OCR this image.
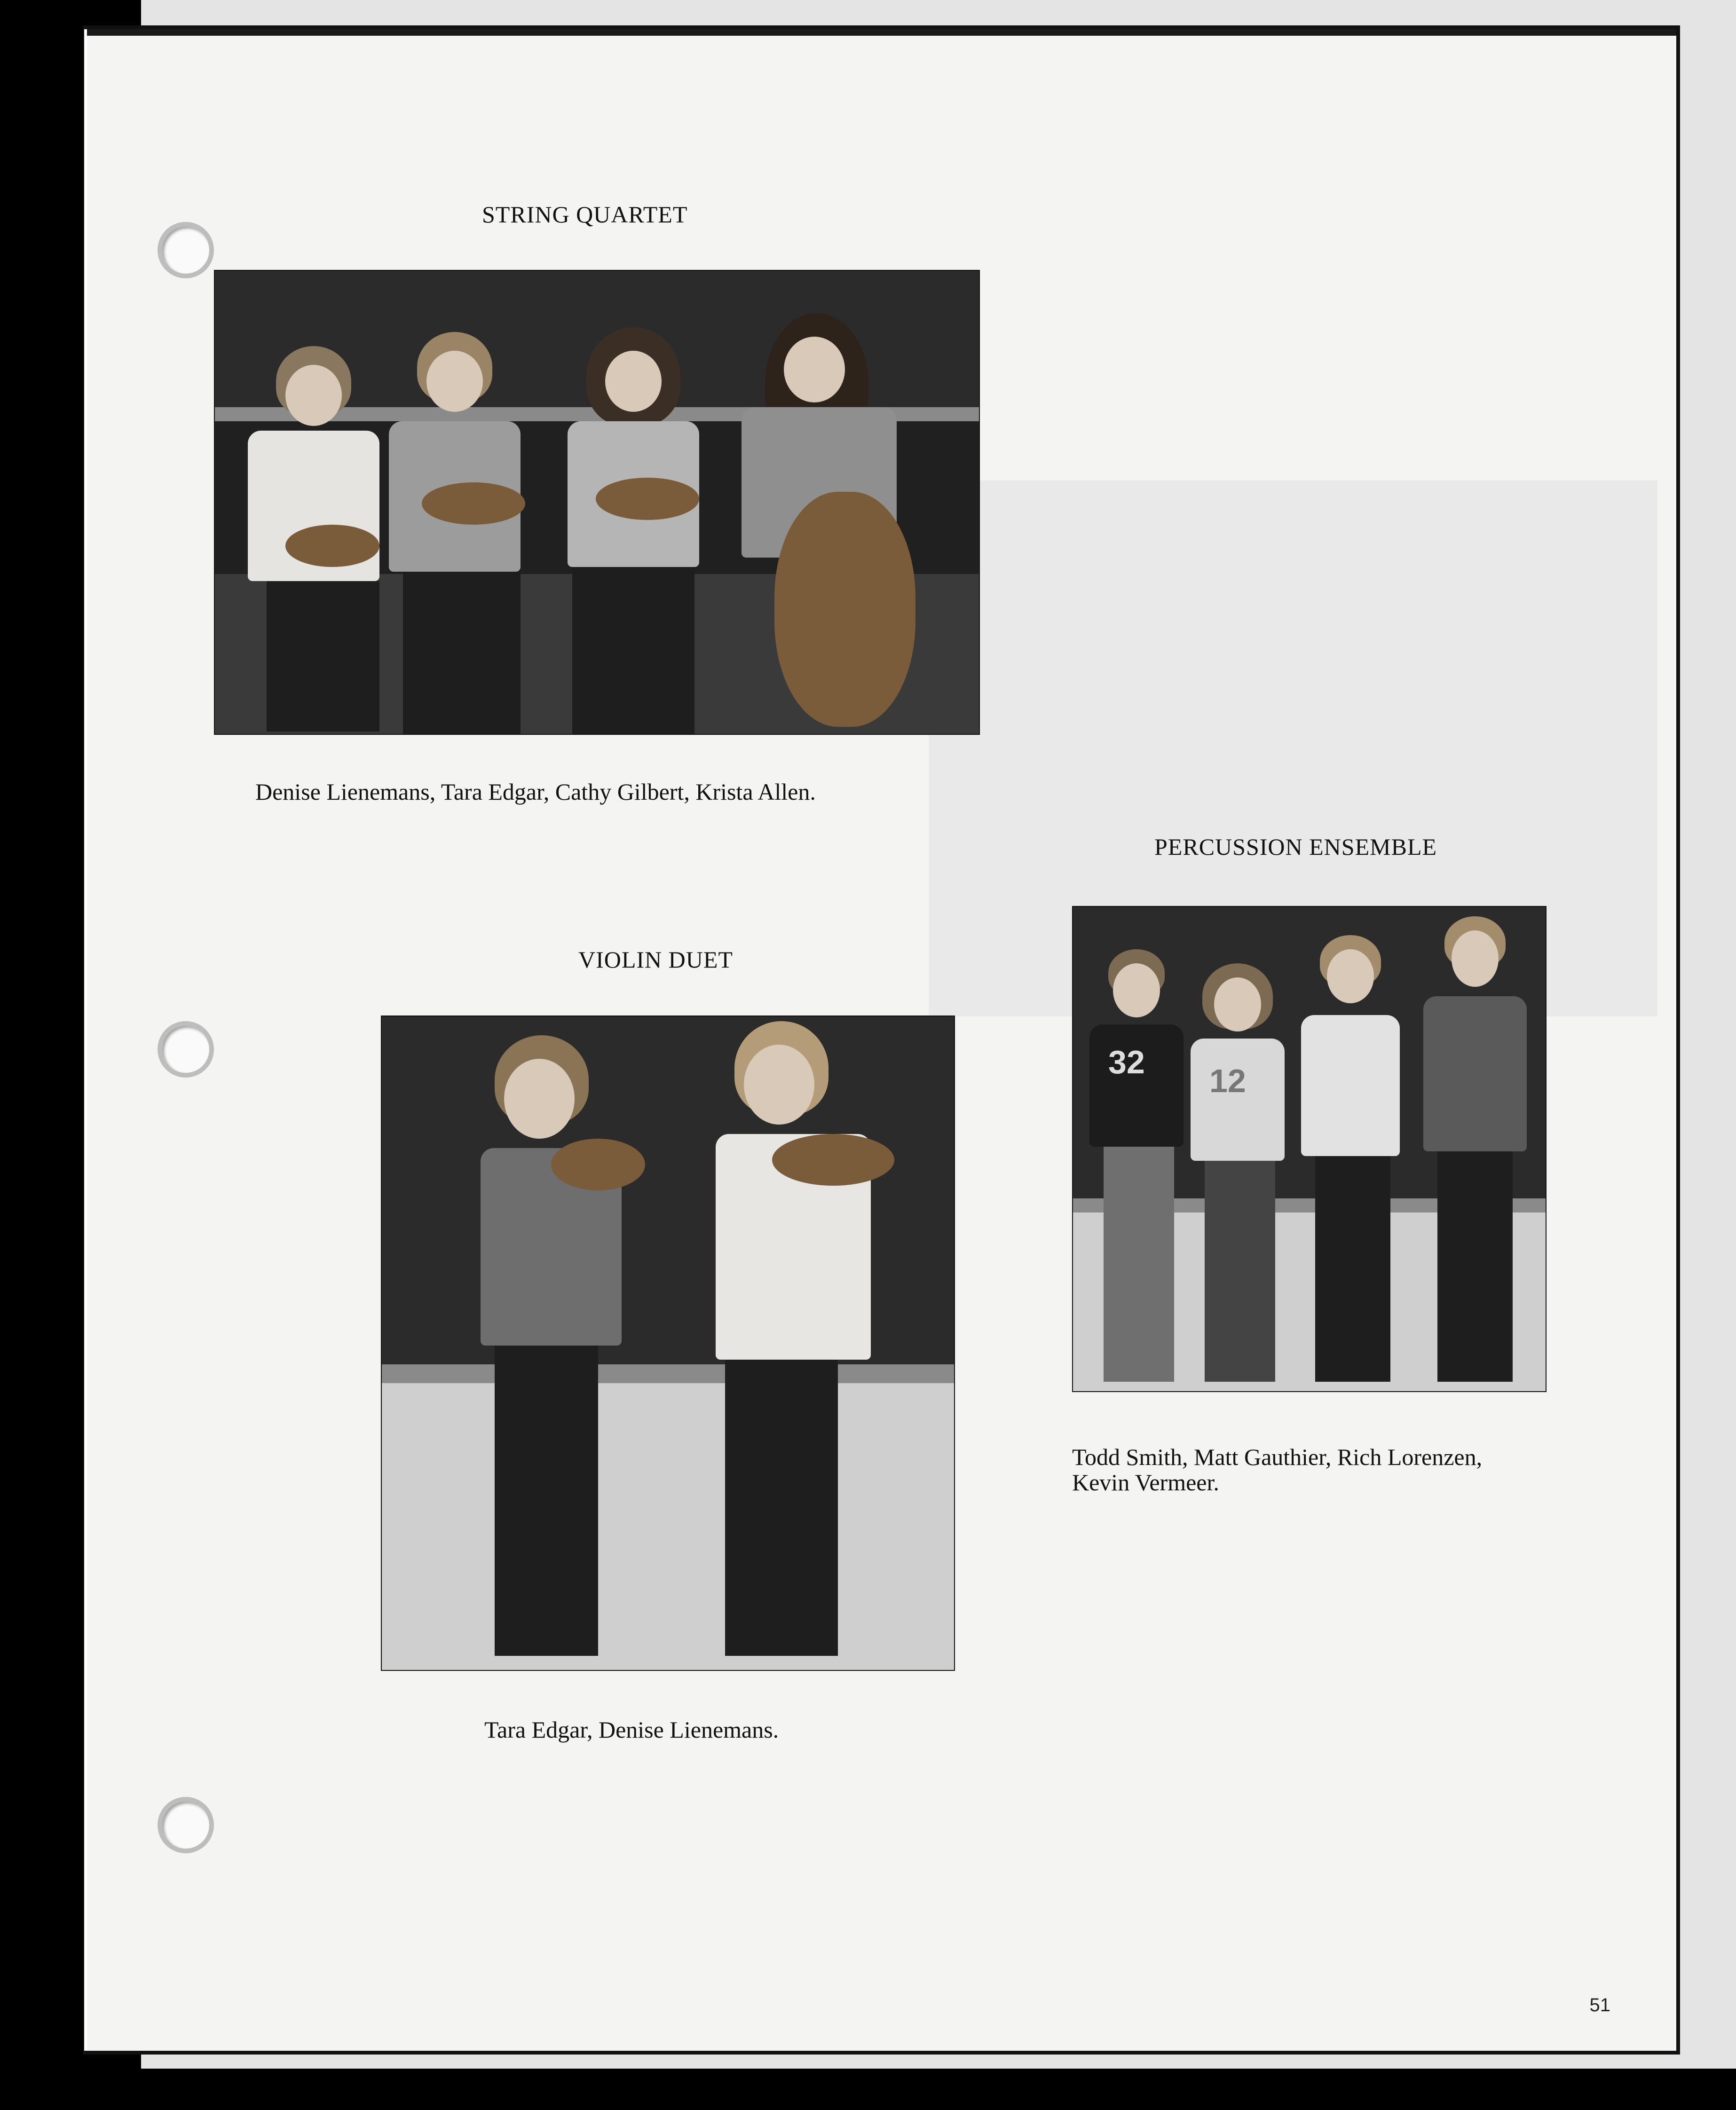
STRING QUARTET
Denise Lienemans, Tara Edgar, Cathy Gilbert, Krista Allen.
PERCUSSION ENSEMBLE
32
12
Todd Smith, Matt Gauthier, Rich Lorenzen, Kevin Vermeer.
VIOLIN DUET
Tara Edgar, Denise Lienemans.
51
